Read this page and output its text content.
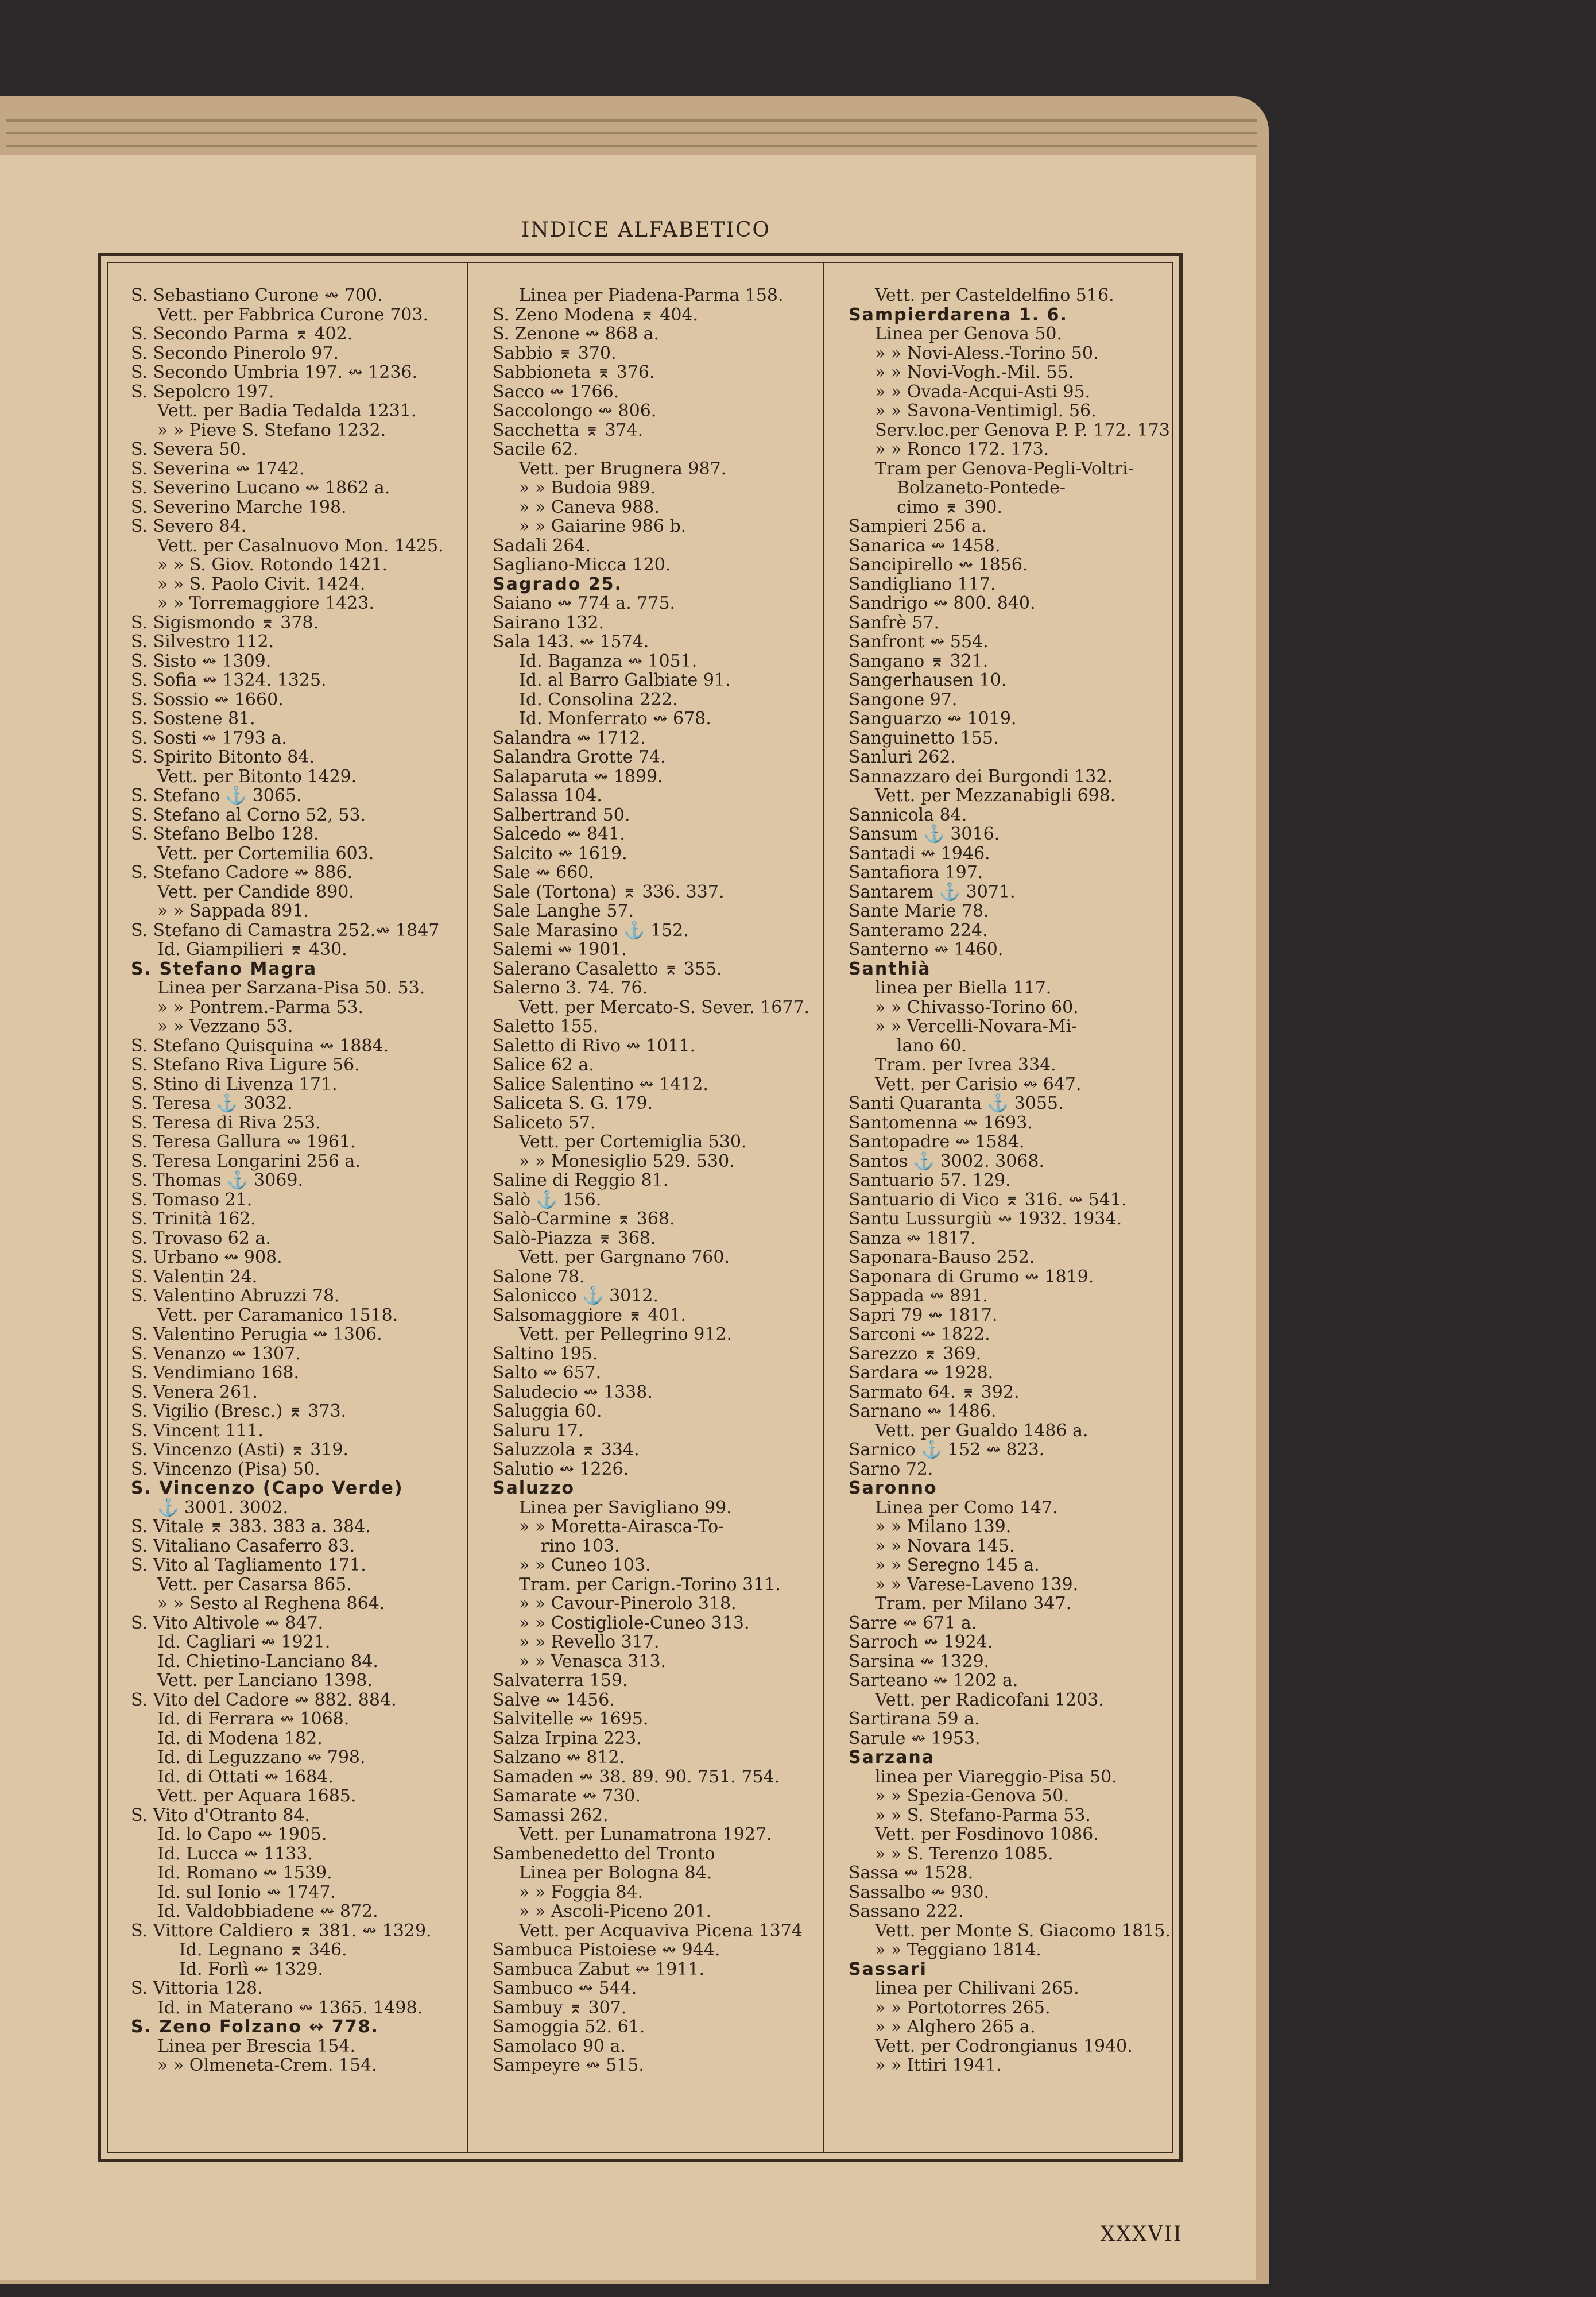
INDICE ALFABETICO
S. Sebastiano Curone ↭ 700.
Vett. per Fabbrica Curone 703.
S. Secondo Parma ⌆ 402.
S. Secondo Pinerolo 97.
S. Secondo Umbria 197. ↭ 1236.
S. Sepolcro 197.
Vett. per Badia Tedalda 1231.
» » Pieve S. Stefano 1232.
S. Severa 50.
S. Severina ↭ 1742.
S. Severino Lucano ↭ 1862 a.
S. Severino Marche 198.
S. Severo 84.
Vett. per Casalnuovo Mon. 1425.
» » S. Giov. Rotondo 1421.
» » S. Paolo Civit. 1424.
» » Torremaggiore 1423.
S. Sigismondo ⌆ 378.
S. Silvestro 112.
S. Sisto ↭ 1309.
S. Sofia ↭ 1324. 1325.
S. Sossio ↭ 1660.
S. Sostene 81.
S. Sosti ↭ 1793 a.
S. Spirito Bitonto 84.
Vett. per Bitonto 1429.
S. Stefano ⚓ 3065.
S. Stefano al Corno 52, 53.
S. Stefano Belbo 128.
Vett. per Cortemilia 603.
S. Stefano Cadore ↭ 886.
Vett. per Candide 890.
» » Sappada 891.
S. Stefano di Camastra 252.↭ 1847
Id. Giampilieri ⌆ 430.
S. Stefano Magra
Linea per Sarzana-Pisa 50. 53.
» » Pontrem.-Parma 53.
» » Vezzano 53.
S. Stefano Quisquina ↭ 1884.
S. Stefano Riva Ligure 56.
S. Stino di Livenza 171.
S. Teresa ⚓ 3032.
S. Teresa di Riva 253.
S. Teresa Gallura ↭ 1961.
S. Teresa Longarini 256 a.
S. Thomas ⚓ 3069.
S. Tomaso 21.
S. Trinità 162.
S. Trovaso 62 a.
S. Urbano ↭ 908.
S. Valentin 24.
S. Valentino Abruzzi 78.
Vett. per Caramanico 1518.
S. Valentino Perugia ↭ 1306.
S. Venanzo ↭ 1307.
S. Vendimiano 168.
S. Venera 261.
S. Vigilio (Bresc.) ⌆ 373.
S. Vincent 111.
S. Vincenzo (Asti) ⌆ 319.
S. Vincenzo (Pisa) 50.
S. Vincenzo (Capo Verde)
⚓ 3001. 3002.
S. Vitale ⌆ 383. 383 a. 384.
S. Vitaliano Casaferro 83.
S. Vito al Tagliamento 171.
Vett. per Casarsa 865.
» » Sesto al Reghena 864.
S. Vito Altivole ↭ 847.
Id. Cagliari ↭ 1921.
Id. Chietino-Lanciano 84.
Vett. per Lanciano 1398.
S. Vito del Cadore ↭ 882. 884.
Id. di Ferrara ↭ 1068.
Id. di Modena 182.
Id. di Leguzzano ↭ 798.
Id. di Ottati ↭ 1684.
Vett. per Aquara 1685.
S. Vito d'Otranto 84.
Id. lo Capo ↭ 1905.
Id. Lucca ↭ 1133.
Id. Romano ↭ 1539.
Id. sul Ionio ↭ 1747.
Id. Valdobbiadene ↭ 872.
S. Vittore Caldiero ⌆ 381. ↭ 1329.
Id. Legnano ⌆ 346.
Id. Forlì ↭ 1329.
S. Vittoria 128.
Id. in Materano ↭ 1365. 1498.
S. Zeno Folzano ↭ 778.
Linea per Brescia 154.
» » Olmeneta-Crem. 154.
Linea per Piadena-Parma 158.
S. Zeno Modena ⌆ 404.
S. Zenone ↭ 868 a.
Sabbio ⌆ 370.
Sabbioneta ⌆ 376.
Sacco ↭ 1766.
Saccolongo ↭ 806.
Sacchetta ⌆ 374.
Sacile 62.
Vett. per Brugnera 987.
» » Budoia 989.
» » Caneva 988.
» » Gaiarine 986 b.
Sadali 264.
Sagliano-Micca 120.
Sagrado 25.
Saiano ↭ 774 a. 775.
Sairano 132.
Sala 143. ↭ 1574.
Id. Baganza ↭ 1051.
Id. al Barro Galbiate 91.
Id. Consolina 222.
Id. Monferrato ↭ 678.
Salandra ↭ 1712.
Salandra Grotte 74.
Salaparuta ↭ 1899.
Salassa 104.
Salbertrand 50.
Salcedo ↭ 841.
Salcito ↭ 1619.
Sale ↭ 660.
Sale (Tortona) ⌆ 336. 337.
Sale Langhe 57.
Sale Marasino ⚓ 152.
Salemi ↭ 1901.
Salerano Casaletto ⌆ 355.
Salerno 3. 74. 76.
Vett. per Mercato-S. Sever. 1677.
Saletto 155.
Saletto di Rivo ↭ 1011.
Salice 62 a.
Salice Salentino ↭ 1412.
Saliceta S. G. 179.
Saliceto 57.
Vett. per Cortemiglia 530.
» » Monesiglio 529. 530.
Saline di Reggio 81.
Salò ⚓ 156.
Salò-Carmine ⌆ 368.
Salò-Piazza ⌆ 368.
Vett. per Gargnano 760.
Salone 78.
Salonicco ⚓ 3012.
Salsomaggiore ⌆ 401.
Vett. per Pellegrino 912.
Saltino 195.
Salto ↭ 657.
Saludecio ↭ 1338.
Saluggia 60.
Saluru 17.
Saluzzola ⌆ 334.
Salutio ↭ 1226.
Saluzzo
Linea per Savigliano 99.
» » Moretta-Airasca-To-
rino 103.
» » Cuneo 103.
Tram. per Carign.-Torino 311.
» » Cavour-Pinerolo 318.
» » Costigliole-Cuneo 313.
» » Revello 317.
» » Venasca 313.
Salvaterra 159.
Salve ↭ 1456.
Salvitelle ↭ 1695.
Salza Irpina 223.
Salzano ↭ 812.
Samaden ↭ 38. 89. 90. 751. 754.
Samarate ↭ 730.
Samassi 262.
Vett. per Lunamatrona 1927.
Sambenedetto del Tronto
Linea per Bologna 84.
» » Foggia 84.
» » Ascoli-Piceno 201.
Vett. per Acquaviva Picena 1374
Sambuca Pistoiese ↭ 944.
Sambuca Zabut ↭ 1911.
Sambuco ↭ 544.
Sambuy ⌆ 307.
Samoggia 52. 61.
Samolaco 90 a.
Sampeyre ↭ 515.
Vett. per Casteldelfino 516.
Sampierdarena 1. 6.
Linea per Genova 50.
» » Novi-Aless.-Torino 50.
» » Novi-Vogh.-Mil. 55.
» » Ovada-Acqui-Asti 95.
» » Savona-Ventimigl. 56.
Serv.loc.per Genova P. P. 172. 173
» » Ronco 172. 173.
Tram per Genova-Pegli-Voltri-
Bolzaneto-Pontede-
cimo ⌆ 390.
Sampieri 256 a.
Sanarica ↭ 1458.
Sancipirello ↭ 1856.
Sandigliano 117.
Sandrigo ↭ 800. 840.
Sanfrè 57.
Sanfront ↭ 554.
Sangano ⌆ 321.
Sangerhausen 10.
Sangone 97.
Sanguarzo ↭ 1019.
Sanguinetto 155.
Sanluri 262.
Sannazzaro dei Burgondi 132.
Vett. per Mezzanabigli 698.
Sannicola 84.
Sansum ⚓ 3016.
Santadi ↭ 1946.
Santafiora 197.
Santarem ⚓ 3071.
Sante Marie 78.
Santeramo 224.
Santerno ↭ 1460.
Santhià
linea per Biella 117.
» » Chivasso-Torino 60.
» » Vercelli-Novara-Mi-
lano 60.
Tram. per Ivrea 334.
Vett. per Carisio ↭ 647.
Santi Quaranta ⚓ 3055.
Santomenna ↭ 1693.
Santopadre ↭ 1584.
Santos ⚓ 3002. 3068.
Santuario 57. 129.
Santuario di Vico ⌆ 316. ↭ 541.
Santu Lussurgiù ↭ 1932. 1934.
Sanza ↭ 1817.
Saponara-Bauso 252.
Saponara di Grumo ↭ 1819.
Sappada ↭ 891.
Sapri 79 ↭ 1817.
Sarconi ↭ 1822.
Sarezzo ⌆ 369.
Sardara ↭ 1928.
Sarmato 64. ⌆ 392.
Sarnano ↭ 1486.
Vett. per Gualdo 1486 a.
Sarnico ⚓ 152 ↭ 823.
Sarno 72.
Saronno
Linea per Como 147.
» » Milano 139.
» » Novara 145.
» » Seregno 145 a.
» » Varese-Laveno 139.
Tram. per Milano 347.
Sarre ↭ 671 a.
Sarroch ↭ 1924.
Sarsina ↭ 1329.
Sarteano ↭ 1202 a.
Vett. per Radicofani 1203.
Sartirana 59 a.
Sarule ↭ 1953.
Sarzana
linea per Viareggio-Pisa 50.
» » Spezia-Genova 50.
» » S. Stefano-Parma 53.
Vett. per Fosdinovo 1086.
» » S. Terenzo 1085.
Sassa ↭ 1528.
Sassalbo ↭ 930.
Sassano 222.
Vett. per Monte S. Giacomo 1815.
» » Teggiano 1814.
Sassari
linea per Chilivani 265.
» » Portotorres 265.
» » Alghero 265 a.
Vett. per Codrongianus 1940.
» » Ittiri 1941.
XXXVII
